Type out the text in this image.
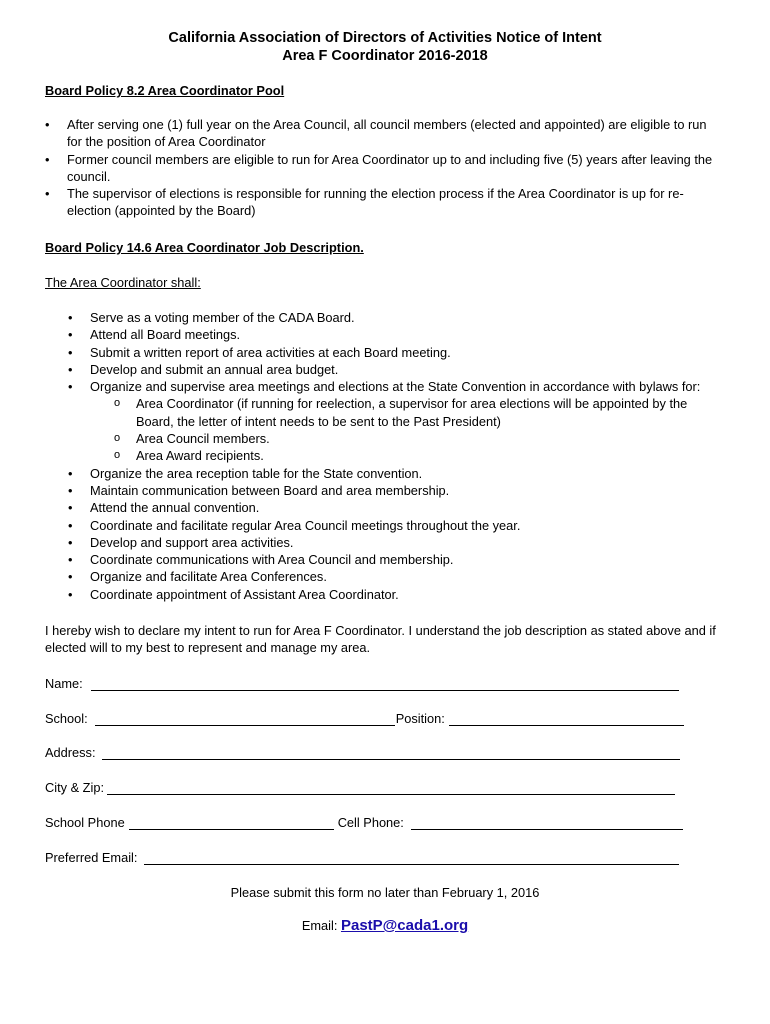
California Association of Directors of Activities Notice of Intent
Area F Coordinator 2016-2018
Board Policy 8.2 Area Coordinator Pool
• After serving one (1) full year on the Area Council, all council members (elected and appointed) are eligible to run for the position of Area Coordinator
• Former council members are eligible to run for Area Coordinator up to and including five (5) years after leaving the council.
• The supervisor of elections is responsible for running the election process if the Area Coordinator is up for re-election (appointed by the Board)
Board Policy 14.6 Area Coordinator Job Description.
The Area Coordinator shall:
• Serve as a voting member of the CADA Board.
• Attend all Board meetings.
• Submit a written report of area activities at each Board meeting.
• Develop and submit an annual area budget.
• Organize and supervise area meetings and elections at the State Convention in accordance with bylaws for:
o Area Coordinator (if running for reelection, a supervisor for area elections will be appointed by the Board, the letter of intent needs to be sent to the Past President)
o Area Council members.
o Area Award recipients.
• Organize the area reception table for the State convention.
• Maintain communication between Board and area membership.
• Attend the annual convention.
• Coordinate and facilitate regular Area Council meetings throughout the year.
• Develop and support area activities.
• Coordinate communications with Area Council and membership.
• Organize and facilitate Area Conferences.
• Coordinate appointment of Assistant Area Coordinator.
I hereby wish to declare my intent to run for Area F Coordinator. I understand the job description as stated above and if elected will to my best to represent and manage my area.
Name:
School:	Position:
Address:
City & Zip:
School Phone	Cell Phone:
Preferred Email:
Please submit this form no later than February 1, 2016
Email: PastP@cada1.org
